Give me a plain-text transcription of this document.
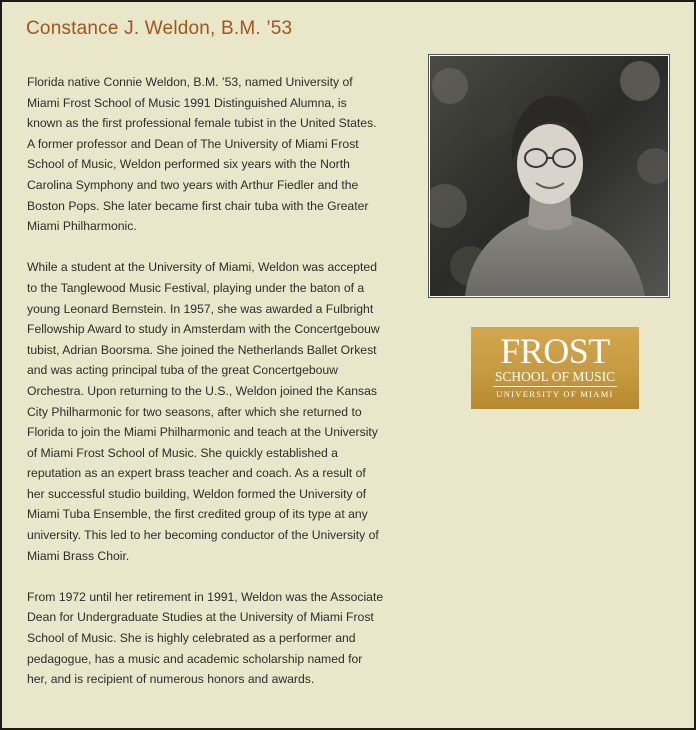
Constance J. Weldon, B.M. ’53

Florida native Connie Weldon, B.M. ’53, named University of Miami Frost School of Music 1991 Distinguished Alumna, is known as the first professional female tubist in the United States. A former professor and Dean of The University of Miami Frost School of Music, Weldon performed six years with the North Carolina Symphony and two years with Arthur Fiedler and the Boston Pops. She later became first chair tuba with the Greater Miami Philharmonic.

While a student at the University of Miami, Weldon was accepted to the Tanglewood Music Festival, playing under the baton of a young Leonard Bernstein. In 1957, she was awarded a Fulbright Fellowship Award to study in Amsterdam with the Concertgebouw tubist, Adrian Boorsma. She joined the Netherlands Ballet Orkest and was acting principal tuba of the great Concertgebouw Orchestra. Upon returning to the U.S., Weldon joined the Kansas City Philharmonic for two seasons, after which she returned to Florida to join the Miami Philharmonic and teach at the University of Miami Frost School of Music. She quickly established a reputation as an expert brass teacher and coach. As a result of her successful studio building, Weldon formed the University of Miami Tuba Ensemble, the first credited group of its type at any university. This led to her becoming conductor of the University of Miami Brass Choir.

From 1972 until her retirement in 1991, Weldon was the Associate Dean for Undergraduate Studies at the University of Miami Frost School of Music. She is highly celebrated as a performer and pedagogue, has a music and academic scholarship named for her, and is recipient of numerous honors and awards.

FROST
SCHOOL OF MUSIC
UNIVERSITY OF MIAMI
